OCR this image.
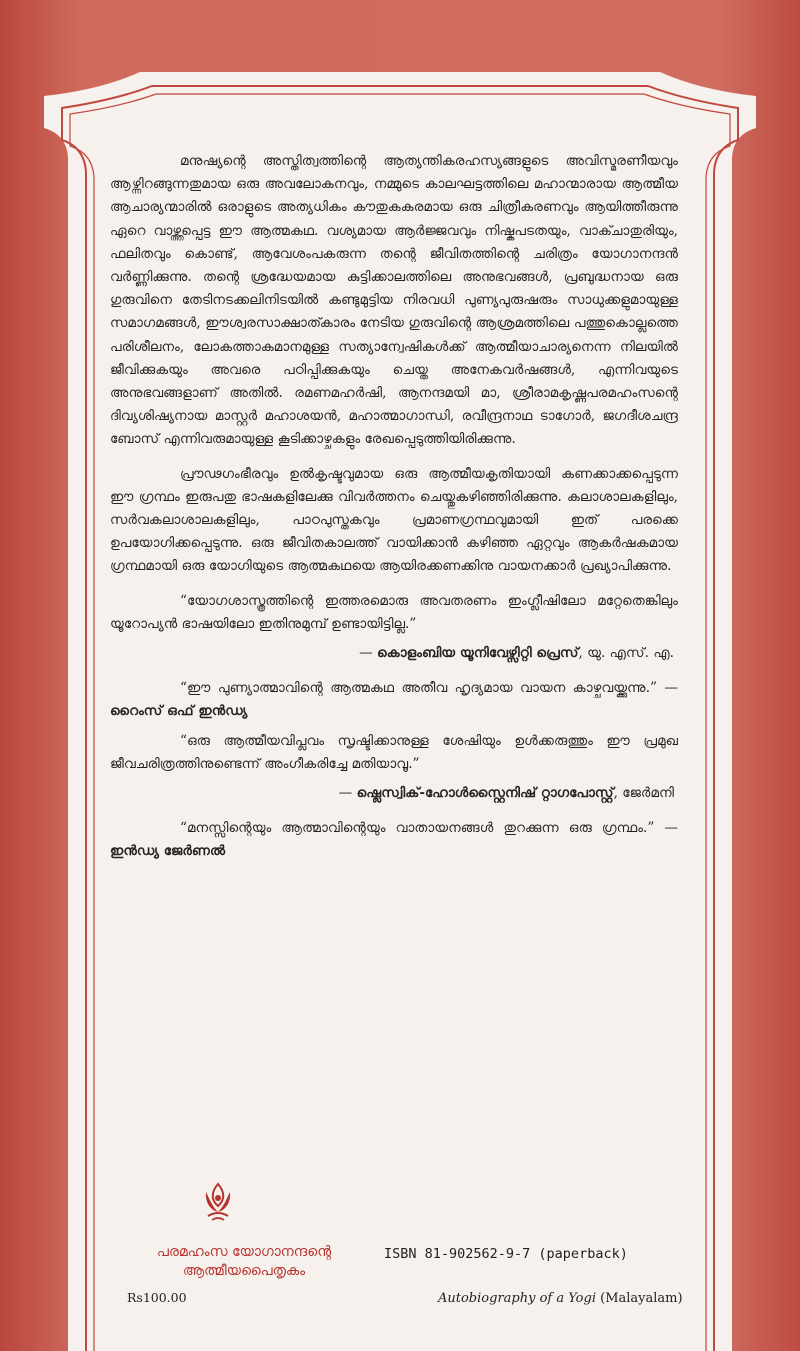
മനുഷ്യന്റെ അസ്തിത്വത്തിന്റെ ആത്യന്തികരഹസ്യങ്ങളുടെ അവിസ്മരണീയവും ആഴ്ന്നിറങ്ങുന്നതുമായ ഒരു അവലോകനവും, നമ്മുടെ കാലഘട്ടത്തിലെ മഹാന്മാരായ ആത്മീയ ആചാര്യന്മാരിൽ ഒരാളുടെ അത്യധികം കൗതുകകരമായ ഒരു ചിത്രീകരണവും ആയിത്തീരുന്നു ഏറെ വാഴ്ത്തപ്പെട്ട ഈ ആത്മകഥ. വശ്യമായ ആർജ്ജവവും നിഷ്കപടതയും, വാക്ചാതുരിയും, ഫലിതവും കൊണ്ട്, ആവേശംപകരുന്ന തന്റെ ജീവിതത്തിന്റെ ചരിത്രം യോഗാനന്ദൻ വർണ്ണിക്കുന്നു. തന്റെ ശ്രദ്ധേയമായ കുട്ടിക്കാലത്തിലെ അനുഭവങ്ങൾ, പ്രബുദ്ധനായ ഒരു ഗുരുവിനെ തേടിനടക്കലിനിടയിൽ കണ്ടുമുട്ടിയ നിരവധി പുണ്യപുരുഷരും സാധുക്കളുമായുള്ള സമാഗമങ്ങൾ, ഈശ്വരസാക്ഷാത്കാരം നേടിയ ഗുരുവിന്റെ ആശ്രമത്തിലെ പത്തുകൊല്ലത്തെ പരിശീലനം, ലോകത്താകമാനമുള്ള സത്യാന്വേഷികൾക്ക് ആത്മീയാചാര്യനെന്ന നിലയിൽ ജീവിക്കുകയും അവരെ പഠിപ്പിക്കുകയും ചെയ്ത അനേകവർഷങ്ങൾ, എന്നിവയുടെ അനുഭവങ്ങളാണ് അതിൽ. രമണമഹർഷി, ആനന്ദമയി മാ, ശ്രീരാമകൃഷ്ണപരമഹംസന്റെ ദിവ്യശിഷ്യനായ മാസ്റ്റർ മഹാശയൻ, മഹാത്മാഗാന്ധി, രവീന്ദ്രനാഥ ടാഗോർ, ജഗദീശചന്ദ്ര ബോസ് എന്നിവരുമായുള്ള കൂടിക്കാഴ്ചകളും രേഖപ്പെടുത്തിയിരിക്കുന്നു.

പ്രൗഢഗംഭീരവും ഉൽകൃഷ്ടവുമായ ഒരു ആത്മീയകൃതിയായി കണക്കാക്കപ്പെടുന്ന ഈ ഗ്രന്ഥം ഇരുപതു ഭാഷകളിലേക്കു വിവർത്തനം ചെയ്തുകഴിഞ്ഞിരിക്കുന്നു. കലാശാലകളിലും, സർവകലാശാലകളിലും, പാഠപുസ്തകവും പ്രമാണഗ്രന്ഥവുമായി ഇത് പരക്കെ ഉപയോഗിക്കപ്പെടുന്നു. ഒരു ജീവിതകാലത്ത് വായിക്കാൻ കഴിഞ്ഞ ഏറ്റവും ആകർഷകമായ ഗ്രന്ഥമായി ഒരു യോഗിയുടെ ആത്മകഥയെ ആയിരക്കണക്കിനു വായനക്കാർ പ്രഖ്യാപിക്കുന്നു.

“യോഗശാസ്ത്രത്തിന്റെ ഇത്തരമൊരു അവതരണം ഇംഗ്ലീഷിലോ മറ്റേതെങ്കിലും യൂറോപ്യൻ ഭാഷയിലോ ഇതിനുമുമ്പ് ഉണ്ടായിട്ടില്ല.”

— കൊളംബിയ യൂനിവേഴ്സിറ്റി പ്രെസ്, യു. എസ്. എ.

“ഈ പുണ്യാത്മാവിന്റെ ആത്മകഥ അതീവ ഹൃദ്യമായ വായന കാഴ്ചവയ്ക്കുന്നു.” — റൈംസ് ഒഫ് ഇൻഡ്യ

“ഒരു ആത്മീയവിപ്ലവം സൃഷ്ടിക്കാനുള്ള ശേഷിയും ഉൾക്കരുത്തും ഈ പ്രമുഖ ജീവചരിത്രത്തിനുണ്ടെന്ന് അംഗീകരിച്ചേ മതിയാവൂ.”

— ഷ്ലെസ്വിക്-ഹോൾസ്റ്റൈനിഷ് റ്റാഗപോസ്റ്റ്, ജേർമനി

“മനസ്സിന്റെയും ആത്മാവിന്റെയും വാതായനങ്ങൾ തുറക്കുന്ന ഒരു ഗ്രന്ഥം.” — ഇൻഡ്യ ജേർണൽ

പരമഹംസ യോഗാനന്ദന്റെ
ആത്മീയപൈതൃകം
ISBN 81-902562-9-7 (paperback)
Rs100.00	Autobiography of a Yogi (Malayalam)
